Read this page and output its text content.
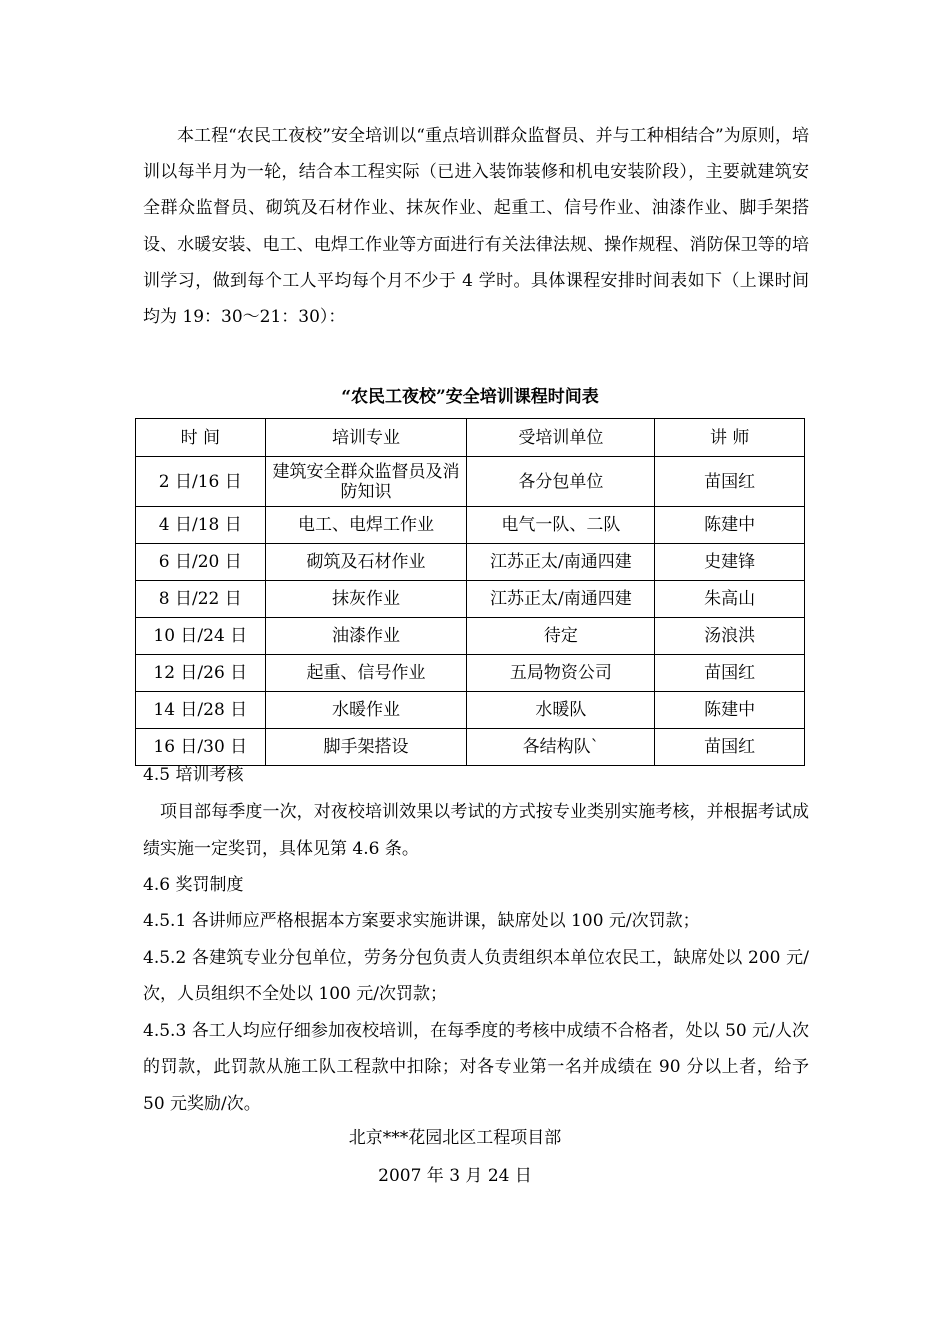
本工程“农民工夜校”安全培训以“重点培训群众监督员、并与工种相结合”为原则，培训以每半月为一轮，结合本工程实际（已进入装饰装修和机电安装阶段），主要就建筑安全群众监督员、砌筑及石材作业、抹灰作业、起重工、信号作业、油漆作业、脚手架搭设、水暖安装、电工、电焊工作业等方面进行有关法律法规、操作规程、消防保卫等的培训学习，做到每个工人平均每个月不少于 4 学时。具体课程安排时间表如下（上课时间均为 19：30～21：30）：

“农民工夜校”安全培训课程时间表

时 间	培训专业	受培训单位	讲 师
2 日/16 日	建筑安全群众监督员及消防知识	各分包单位	苗国红
4 日/18 日	电工、电焊工作业	电气一队、二队	陈建中
6 日/20 日	砌筑及石材作业	江苏正太/南通四建	史建锋
8 日/22 日	抹灰作业	江苏正太/南通四建	朱高山
10 日/24 日	油漆作业	待定	汤浪洪
12 日/26 日	起重、信号作业	五局物资公司	苗国红
14 日/28 日	水暖作业	水暖队	陈建中
16 日/30 日	脚手架搭设	各结构队`	苗国红

4.5 培训考核

项目部每季度一次，对夜校培训效果以考试的方式按专业类别实施考核，并根据考试成绩实施一定奖罚，具体见第 4.6 条。

4.6 奖罚制度

4.5.1 各讲师应严格根据本方案要求实施讲课，缺席处以 100 元/次罚款；

4.5.2 各建筑专业分包单位，劳务分包负责人负责组织本单位农民工，缺席处以 200 元/次，人员组织不全处以 100 元/次罚款；

4.5.3 各工人均应仔细参加夜校培训，在每季度的考核中成绩不合格者，处以 50 元/人次的罚款，此罚款从施工队工程款中扣除；对各专业第一名并成绩在 90 分以上者，给予 50 元奖励/次。

北京***花园北区工程项目部

2007 年 3 月 24 日
